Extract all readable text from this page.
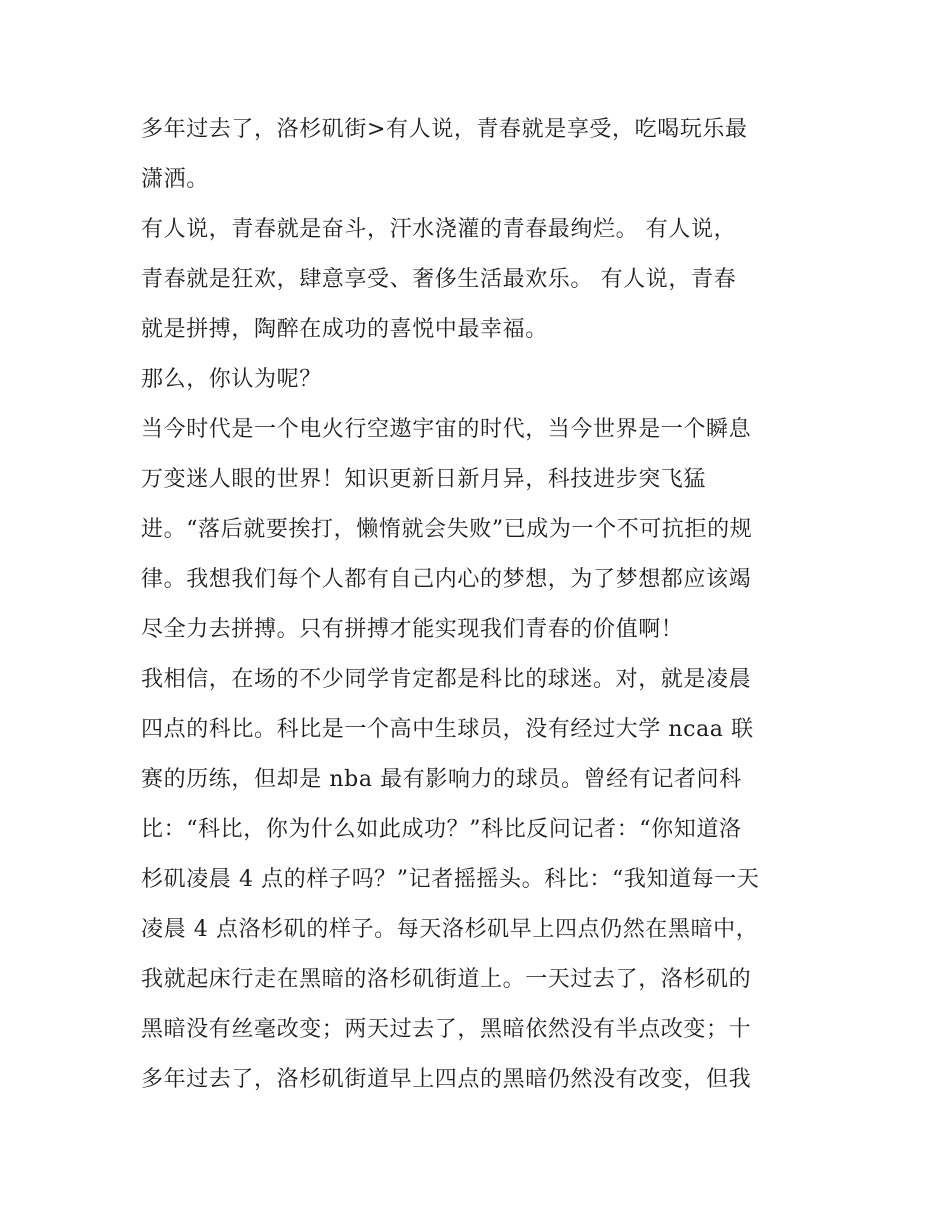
多年过去了，洛杉矶街>有人说，青春就是享受，吃喝玩乐最
潇洒。
有人说，青春就是奋斗，汗水浇灌的青春最绚烂。 有人说，
青春就是狂欢，肆意享受、奢侈生活最欢乐。 有人说，青春
就是拼搏，陶醉在成功的喜悦中最幸福。
那么，你认为呢？
当今时代是一个电火行空遨宇宙的时代，当今世界是一个瞬息
万变迷人眼的世界！知识更新日新月异，科技进步突飞猛
进。“落后就要挨打，懒惰就会失败”已成为一个不可抗拒的规
律。我想我们每个人都有自己内心的梦想，为了梦想都应该竭
尽全力去拼搏。只有拼搏才能实现我们青春的价值啊！
我相信，在场的不少同学肯定都是科比的球迷。对，就是凌晨
四点的科比。科比是一个高中生球员，没有经过大学 ncaa 联
赛的历练，但却是 nba 最有影响力的球员。曾经有记者问科
比：“科比，你为什么如此成功？”科比反问记者：“你知道洛
杉矶凌晨 4 点的样子吗？”记者摇摇头。科比：“我知道每一天
凌晨 4 点洛杉矶的样子。每天洛杉矶早上四点仍然在黑暗中，
我就起床行走在黑暗的洛杉矶街道上。一天过去了，洛杉矶的
黑暗没有丝毫改变；两天过去了，黑暗依然没有半点改变；十
多年过去了，洛杉矶街道早上四点的黑暗仍然没有改变，但我
